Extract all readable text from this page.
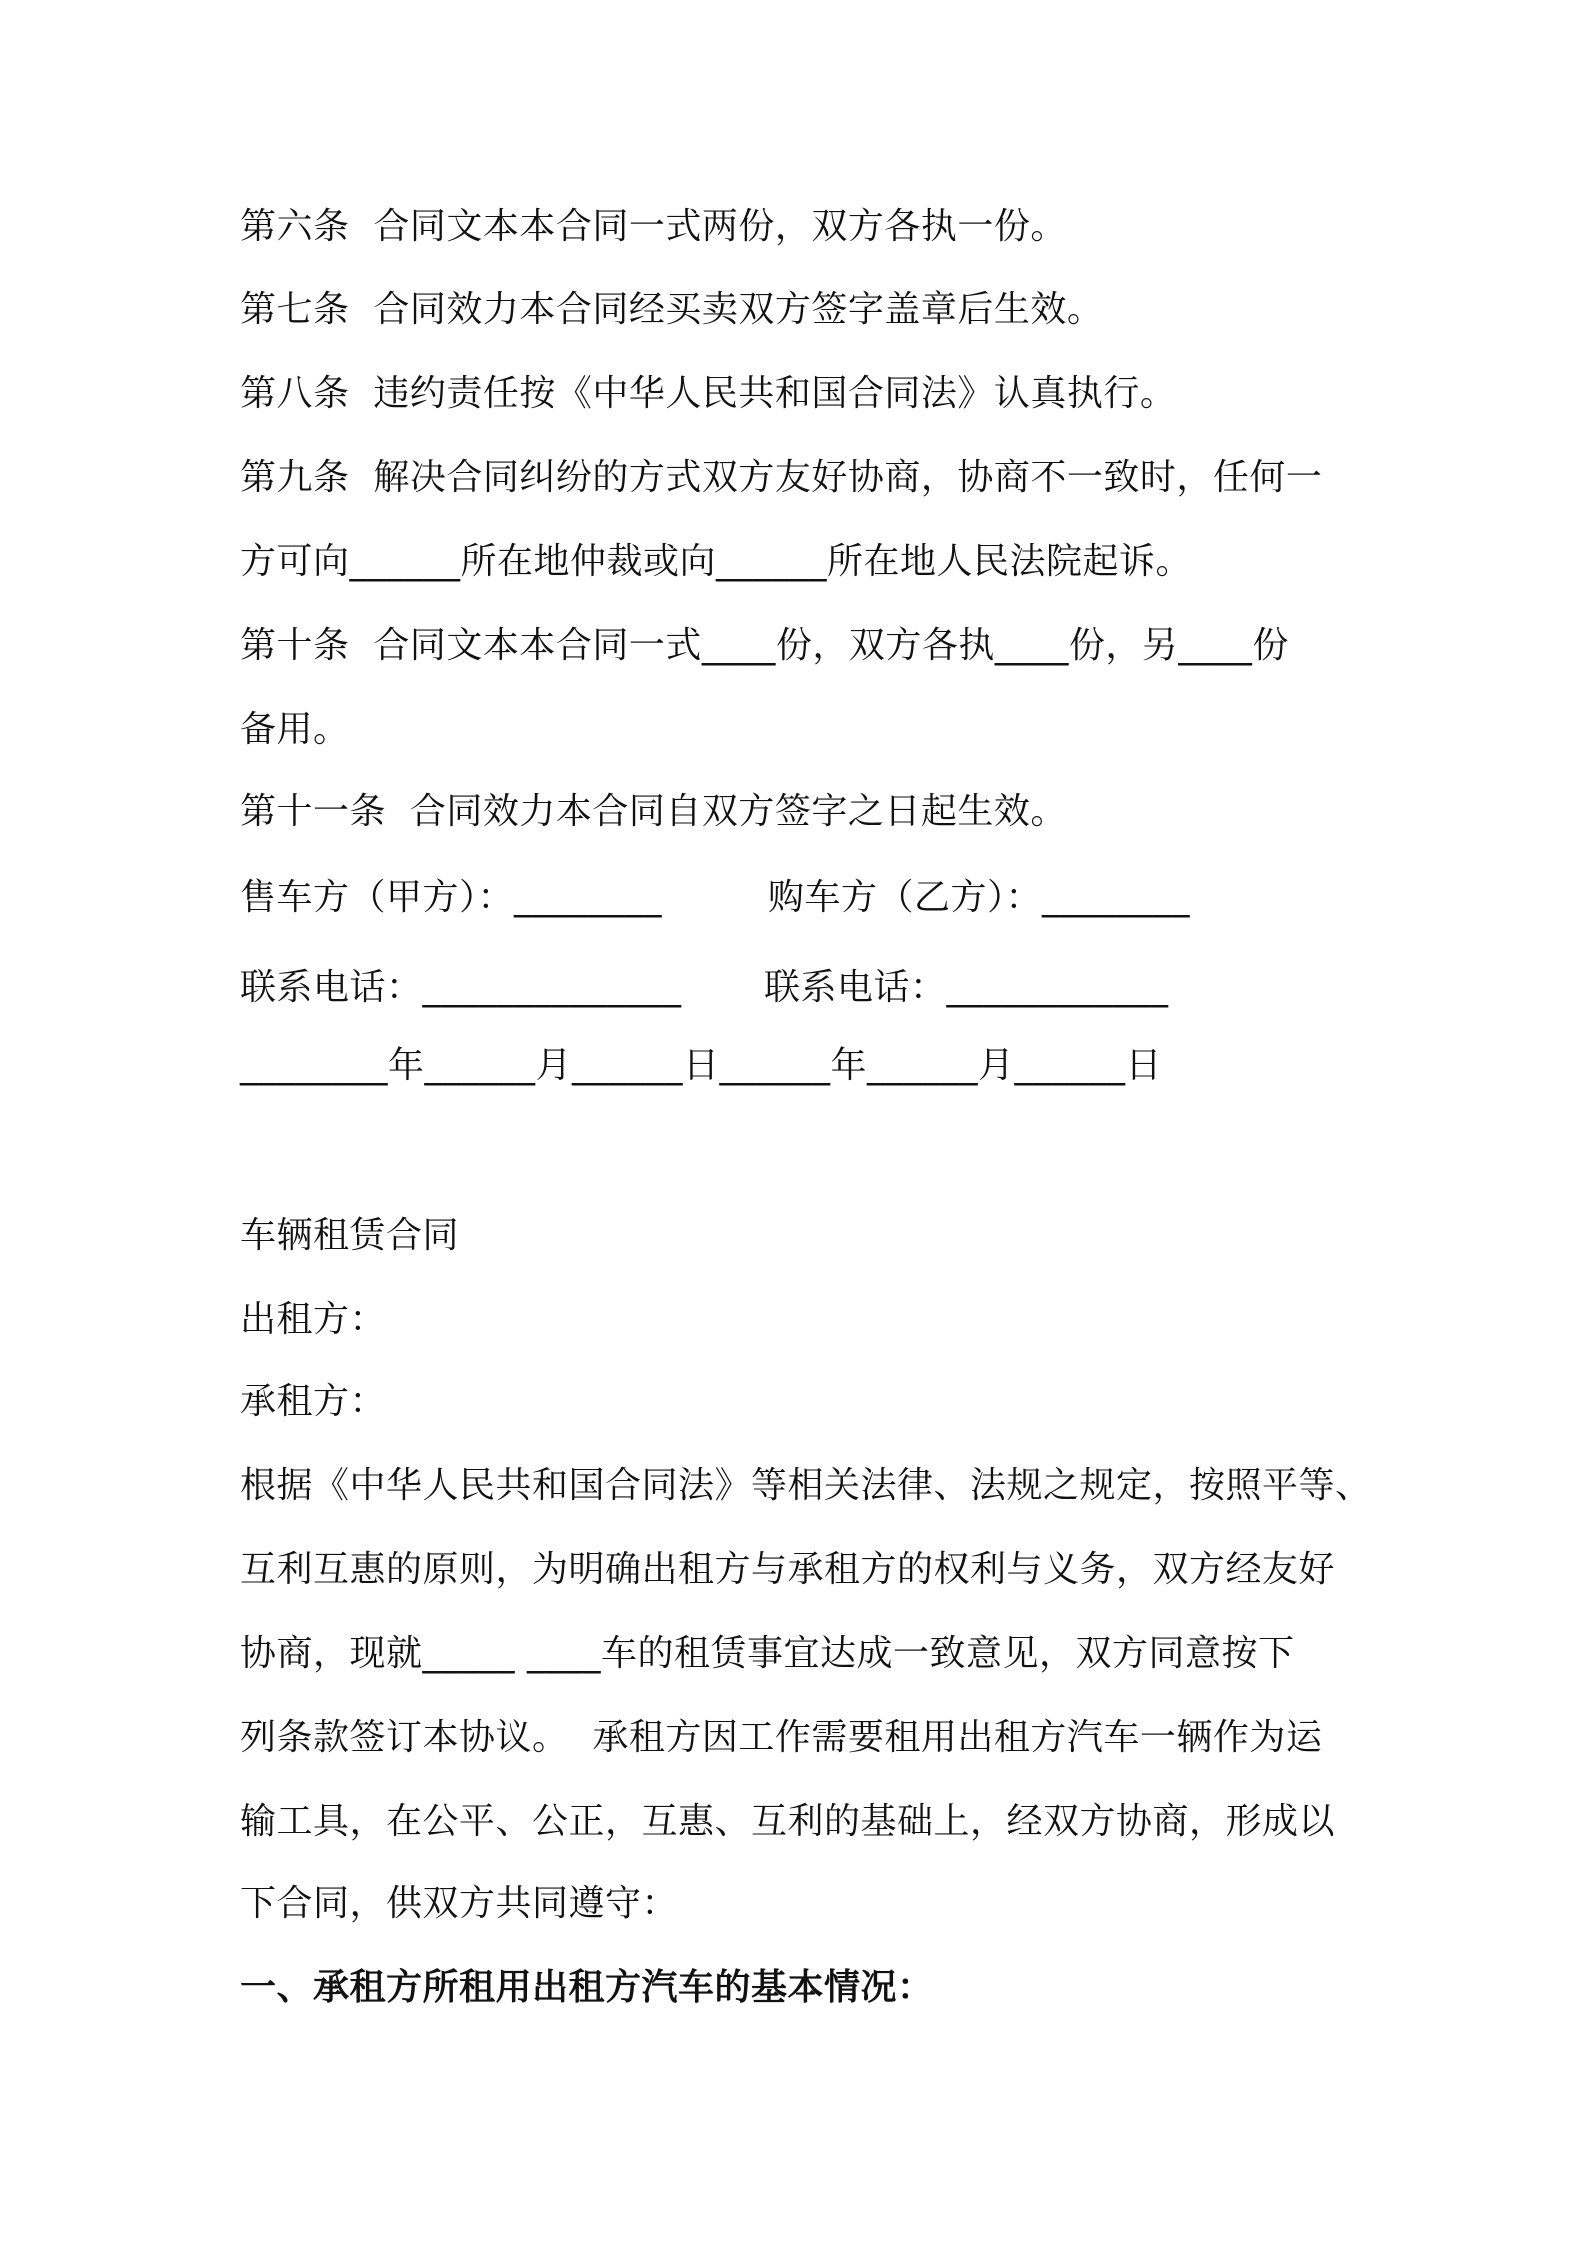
第六条  合同文本本合同一式两份，双方各执一份。
第七条  合同效力本合同经买卖双方签字盖章后生效。
第八条  违约责任按《中华人民共和国合同法》认真执行。
第九条  解决合同纠纷的方式双方友好协商，协商不一致时，任何一
方可向______所在地仲裁或向______所在地人民法院起诉。
第十条  合同文本本合同一式____份，双方各执____份，另____份
备用。
第十一条  合同效力本合同自双方签字之日起生效。
售车方（甲方）：________	购车方（乙方）：________
联系电话：______________ 联系电话：____________
________年______月______日______年______月______日
车辆租赁合同
出租方：
承租方：
根据《中华人民共和国合同法》等相关法律、法规之规定，按照平等、
互利互惠的原则，为明确出租方与承租方的权利与义务，双方经友好
协商，现就_____ ____车的租赁事宜达成一致意见，双方同意按下
列条款签订本协议。  承租方因工作需要租用出租方汽车一辆作为运
输工具，在公平、公正，互惠、互利的基础上，经双方协商，形成以
下合同，供双方共同遵守：
一、承租方所租用出租方汽车的基本情况：
